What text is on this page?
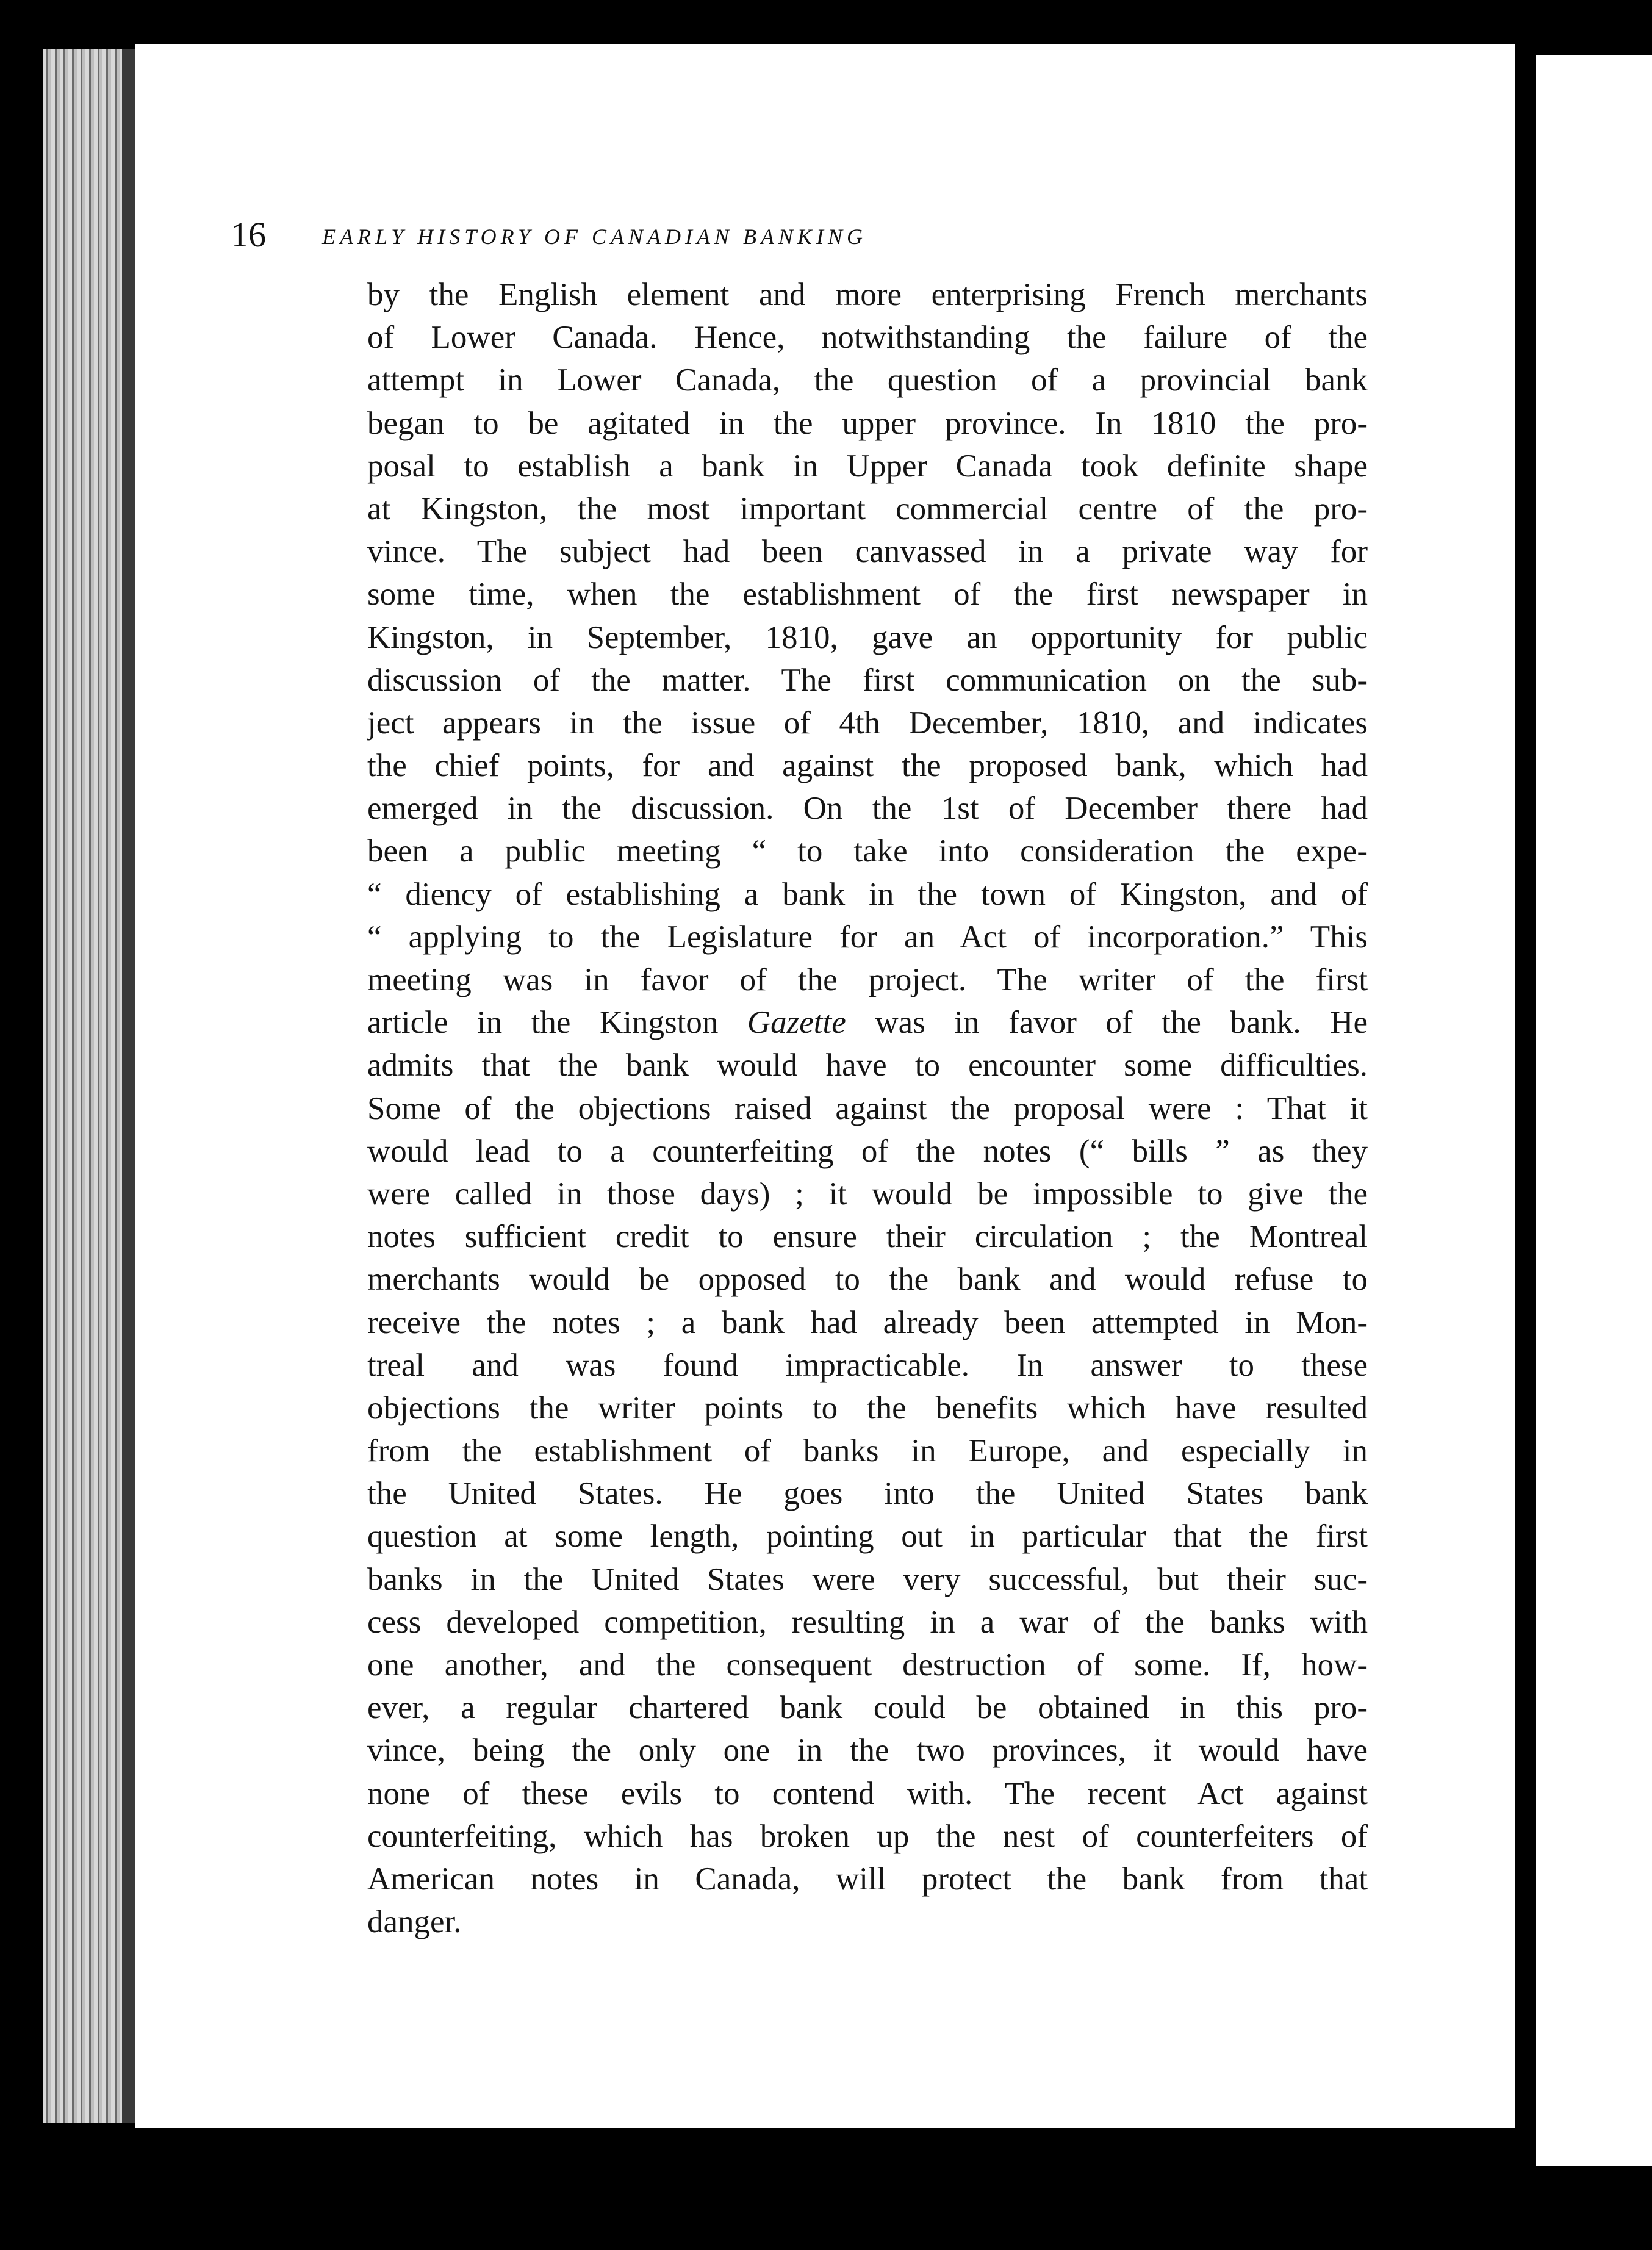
16	EARLY HISTORY OF CANADIAN BANKING
by the English element and more enterprising French merchants
of Lower Canada. Hence, notwithstanding the failure of the
attempt in Lower Canada, the question of a provincial bank
began to be agitated in the upper province. In 1810 the pro-
posal to establish a bank in Upper Canada took definite shape
at Kingston, the most important commercial centre of the pro-
vince. The subject had been canvassed in a private way for
some time, when the establishment of the first newspaper in
Kingston, in September, 1810, gave an opportunity for public
discussion of the matter. The first communication on the sub-
ject appears in the issue of 4th December, 1810, and indicates
the chief points, for and against the proposed bank, which had
emerged in the discussion. On the 1st of December there had
been a public meeting “ to take into consideration the expe-
“ diency of establishing a bank in the town of Kingston, and of
“ applying to the Legislature for an Act of incorporation.” This
meeting was in favor of the project. The writer of the first
article in the Kingston Gazette was in favor of the bank. He
admits that the bank would have to encounter some difficulties.
Some of the objections raised against the proposal were : That it
would lead to a counterfeiting of the notes (“ bills ” as they
were called in those days) ; it would be impossible to give the
notes sufficient credit to ensure their circulation ; the Montreal
merchants would be opposed to the bank and would refuse to
receive the notes ; a bank had already been attempted in Mon-
treal and was found impracticable. In answer to these
objections the writer points to the benefits which have resulted
from the establishment of banks in Europe, and especially in
the United States. He goes into the United States bank
question at some length, pointing out in particular that the first
banks in the United States were very successful, but their suc-
cess developed competition, resulting in a war of the banks with
one another, and the consequent destruction of some. If, how-
ever, a regular chartered bank could be obtained in this pro-
vince, being the only one in the two provinces, it would have
none of these evils to contend with. The recent Act against
counterfeiting, which has broken up the nest of counterfeiters of
American notes in Canada, will protect the bank from that
danger.
